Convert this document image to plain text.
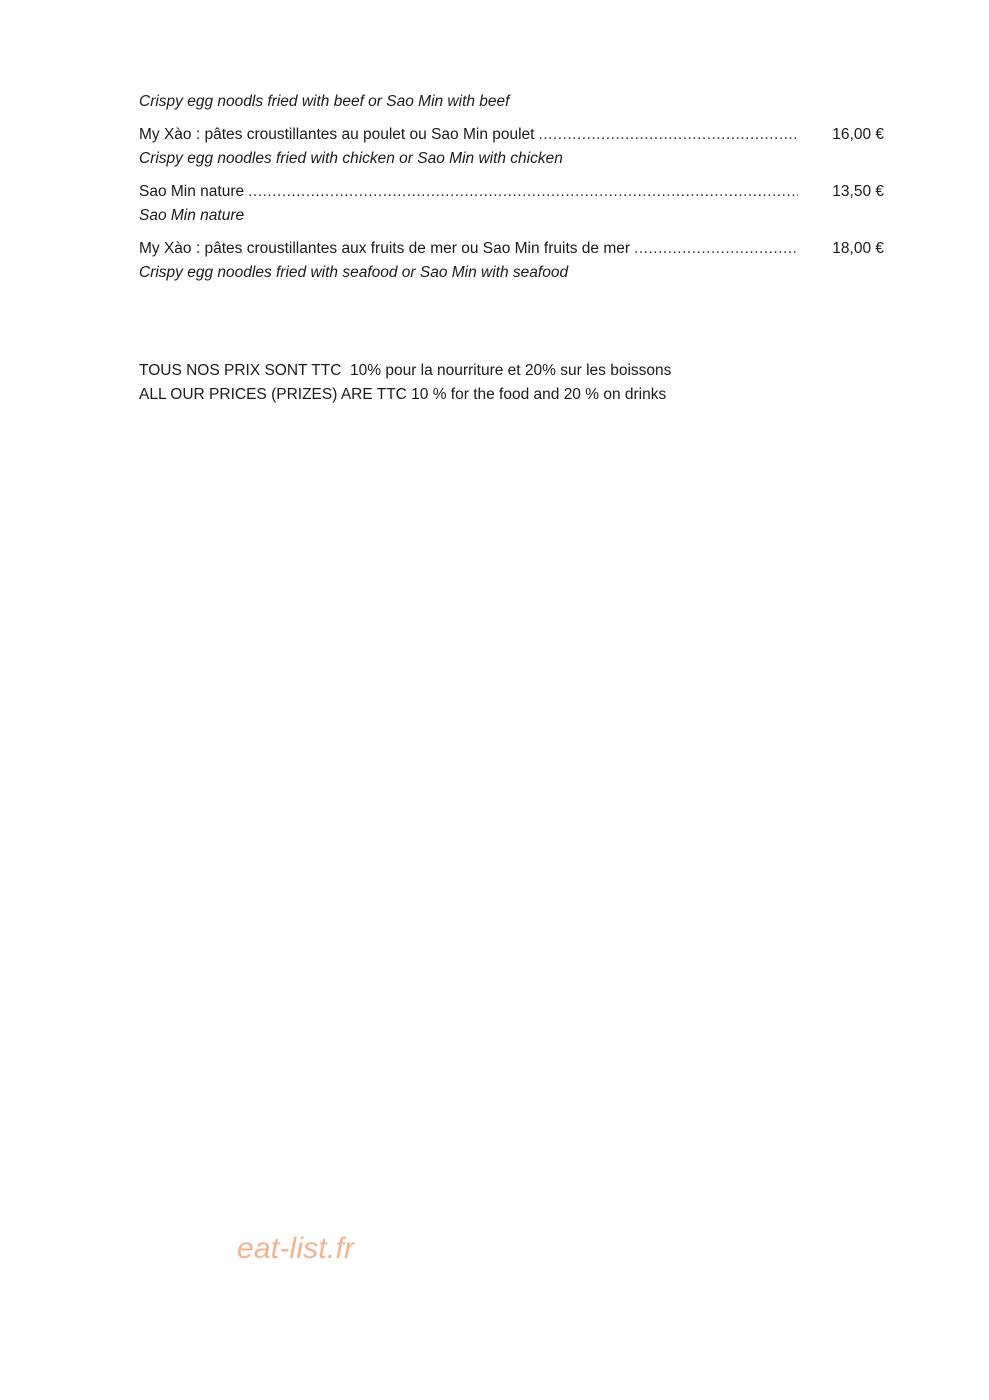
Crispy egg noodls fried with beef or Sao Min with beef
My Xào : pâtes croustillantes au poulet ou Sao Min poulet .....	16,00 €
Crispy egg noodles fried with chicken or Sao Min with chicken
Sao Min nature .....	13,50 €
Sao Min nature
My Xào : pâtes croustillantes aux fruits de mer ou Sao Min fruits de mer .....	18,00 €
Crispy egg noodles fried with seafood or Sao Min with seafood
TOUS NOS PRIX SONT TTC  10% pour la nourriture et 20% sur les boissons
ALL OUR PRICES (PRIZES) ARE TTC 10 % for the food and 20 % on drinks
eat-list.fr
